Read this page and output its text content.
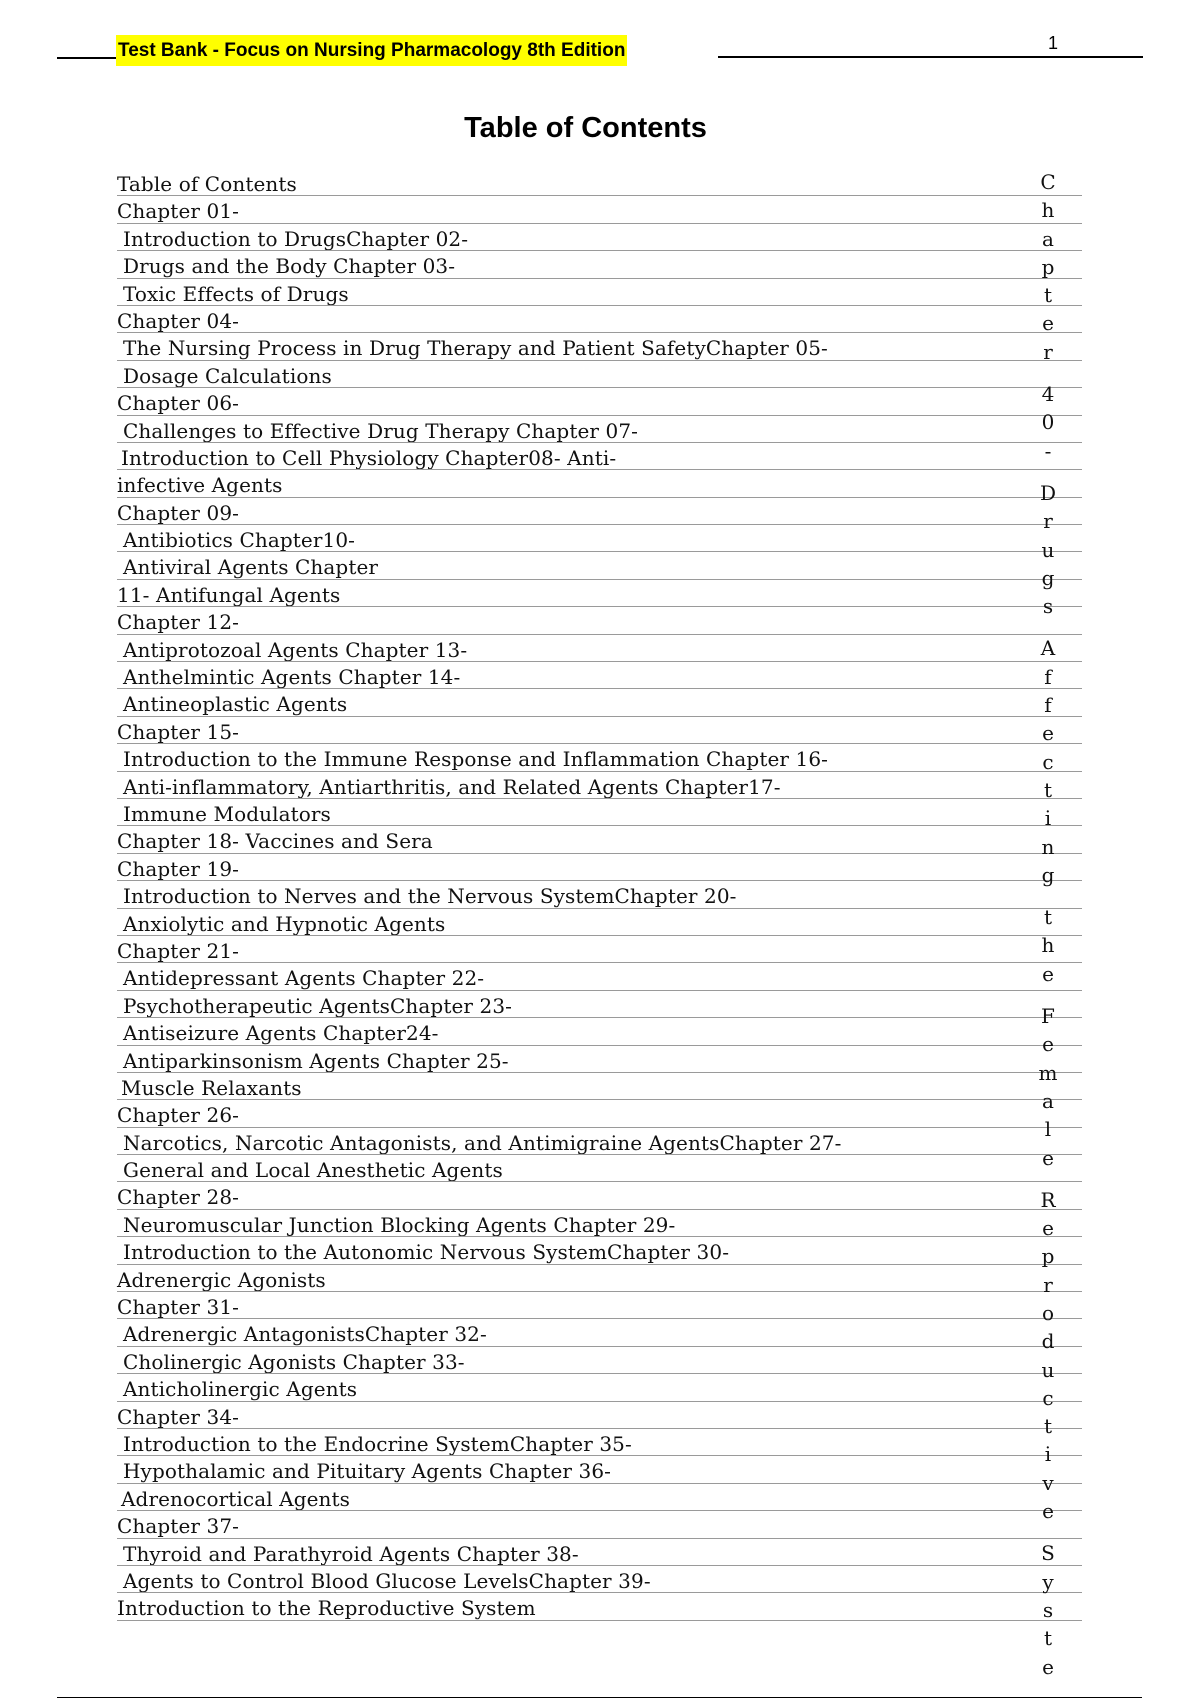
Test Bank - Focus on Nursing Pharmacology 8th Edition	1
Table of Contents
Table of Contents
Chapter 01-
Introduction to DrugsChapter 02-
Drugs and the Body Chapter 03-
Toxic Effects of Drugs
Chapter 04-
The Nursing Process in Drug Therapy and Patient SafetyChapter 05-
Dosage Calculations
Chapter 06-
Challenges to Effective Drug Therapy Chapter 07-
Introduction to Cell Physiology Chapter08- Anti-
infective Agents
Chapter 09-
Antibiotics Chapter10-
Antiviral Agents Chapter
11- Antifungal Agents
Chapter 12-
Antiprotozoal Agents Chapter 13-
Anthelmintic Agents Chapter 14-
Antineoplastic Agents
Chapter 15-
Introduction to the Immune Response and Inflammation Chapter 16-
Anti-inflammatory, Antiarthritis, and Related Agents Chapter17-
Immune Modulators
Chapter 18- Vaccines and Sera
Chapter 19-
Introduction to Nerves and the Nervous SystemChapter 20-
Anxiolytic and Hypnotic Agents
Chapter 21-
Antidepressant Agents Chapter 22-
Psychotherapeutic AgentsChapter 23-
Antiseizure Agents Chapter24-
Antiparkinsonism Agents Chapter 25-
Muscle Relaxants
Chapter 26-
Narcotics, Narcotic Antagonists, and Antimigraine AgentsChapter 27-
General and Local Anesthetic Agents
Chapter 28-
Neuromuscular Junction Blocking Agents Chapter 29-
Introduction to the Autonomic Nervous SystemChapter 30-
Adrenergic Agonists
Chapter 31-
Adrenergic AntagonistsChapter 32-
Cholinergic Agonists Chapter 33-
Anticholinergic Agents
Chapter 34-
Introduction to the Endocrine SystemChapter 35-
Hypothalamic and Pituitary Agents Chapter 36-
Adrenocortical Agents
Chapter 37-
Thyroid and Parathyroid Agents Chapter 38-
Agents to Control Blood Glucose LevelsChapter 39-
Introduction to the Reproductive System
C
h
a
p
t
e
r
4
0
-
D
r
u
g
s
A
f
f
e
c
t
i
n
g
t
h
e
F
e
m
a
l
e
R
e
p
r
o
d
u
c
t
i
v
e
S
y
s
t
e
